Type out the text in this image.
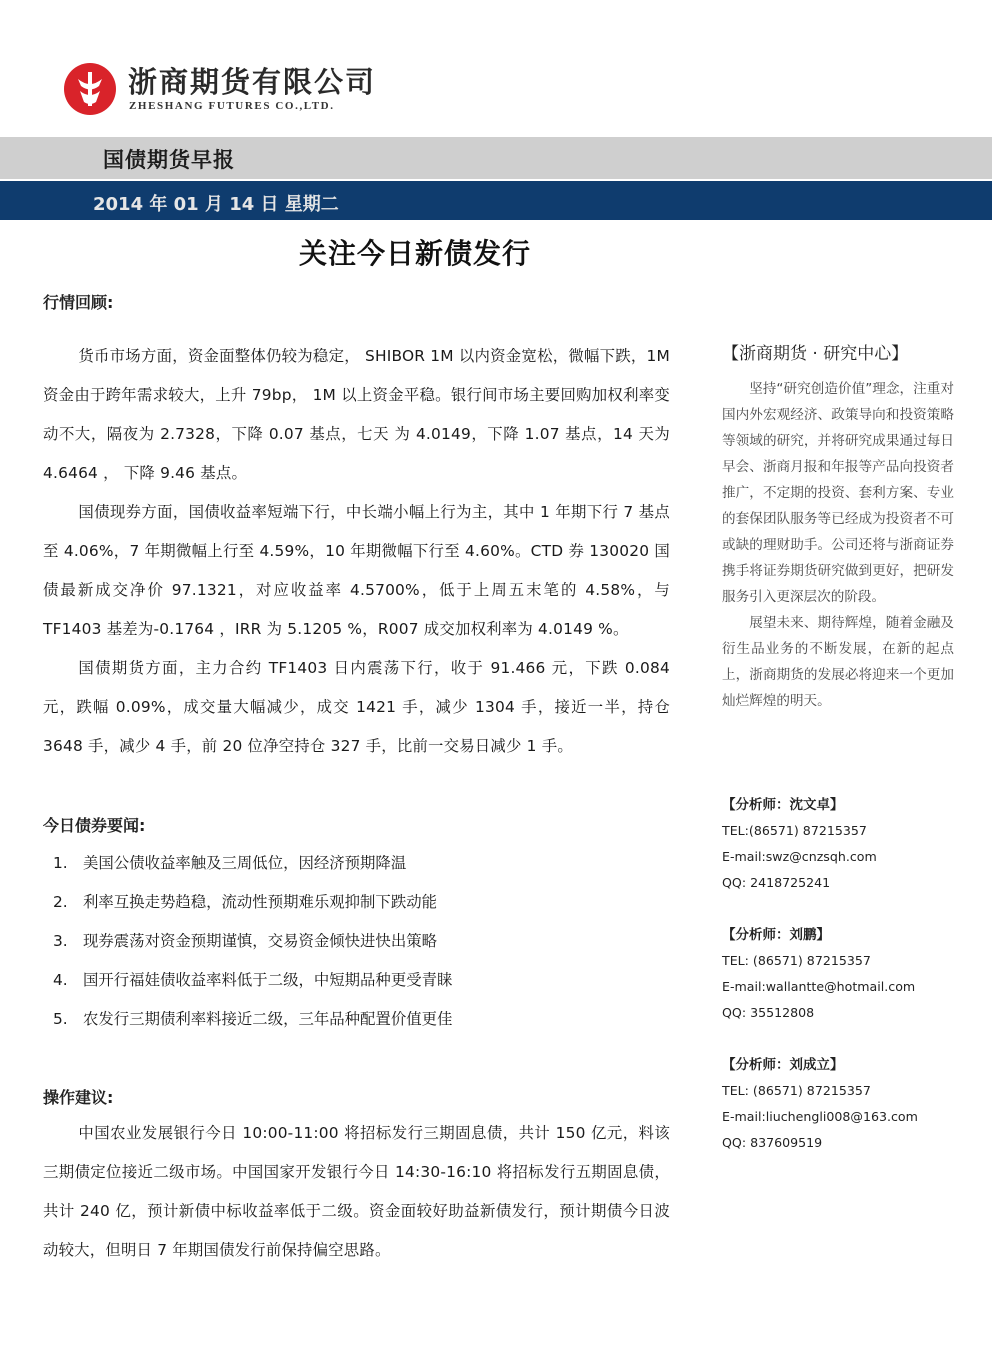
浙商期货有限公司
ZHESHANG FUTURES CO.,LTD.
国债期货早报
2014 年 01 月 14 日 星期二
关注今日新债发行
行情回顾:

货币市场方面，资金面整体仍较为稳定， SHIBOR 1M 以内资金宽松，微幅下跌，1M 资金由于跨年需求较大，上升 79bp， 1M 以上资金平稳。银行间市场主要回购加权利率变动不大，隔夜为 2.7328，下降 0.07 基点，七天 为 4.0149，下降 1.07 基点，14 天为 4.6464 ， 下降 9.46 基点。

国债现券方面，国债收益率短端下行，中长端小幅上行为主，其中 1 年期下行 7 基点至 4.06%，7 年期微幅上行至 4.59%，10 年期微幅下行至 4.60%。CTD 券 130020 国债最新成交净价 97.1321，对应收益率 4.5700%，低于上周五末笔的 4.58%，与 TF1403 基差为-0.1764 ，IRR 为 5.1205 %，R007 成交加权利率为 4.0149 %。

国债期货方面，主力合约 TF1403 日内震荡下行，收于 91.466 元，下跌 0.084 元，跌幅 0.09%，成交量大幅减少，成交 1421 手，减少 1304 手，接近一半，持仓 3648 手，减少 4 手，前 20 位净空持仓 327 手，比前一交易日减少 1 手。

今日债券要闻:
1. 美国公债收益率触及三周低位，因经济预期降温
2. 利率互换走势趋稳，流动性预期难乐观抑制下跌动能
3. 现券震荡对资金预期谨慎，交易资金倾快进快出策略
4. 国开行福娃债收益率料低于二级，中短期品种更受青睐
5. 农发行三期债利率料接近二级，三年品种配置价值更佳
操作建议:

中国农业发展银行今日 10:00-11:00 将招标发行三期固息债，共计 150 亿元，料该三期债定位接近二级市场。中国国家开发银行今日 14:30-16:10 将招标发行五期固息债，共计 240 亿，预计新债中标收益率低于二级。资金面较好助益新债发行，预计期债今日波动较大，但明日 7 年期国债发行前保持偏空思路。

【浙商期货 · 研究中心】

坚持“研究创造价值”理念，注重对国内外宏观经济、政策导向和投资策略等领域的研究，并将研究成果通过每日早会、浙商月报和年报等产品向投资者推广，不定期的投资、套利方案、专业的套保团队服务等已经成为投资者不可或缺的理财助手。公司还将与浙商证券携手将证券期货研究做到更好，把研发服务引入更深层次的阶段。

展望未来、期待辉煌，随着金融及衍生品业务的不断发展，在新的起点上，浙商期货的发展必将迎来一个更加灿烂辉煌的明天。

【分析师：沈文卓】
TEL:(86571) 87215357
E-mail:swz@cnzsqh.com
QQ: 2418725241
【分析师：刘鹏】
TEL: (86571) 87215357
E-mail:wallantte@hotmail.com
QQ: 35512808
【分析师：刘成立】
TEL: (86571) 87215357
E-mail:liuchengli008@163.com
QQ: 837609519
